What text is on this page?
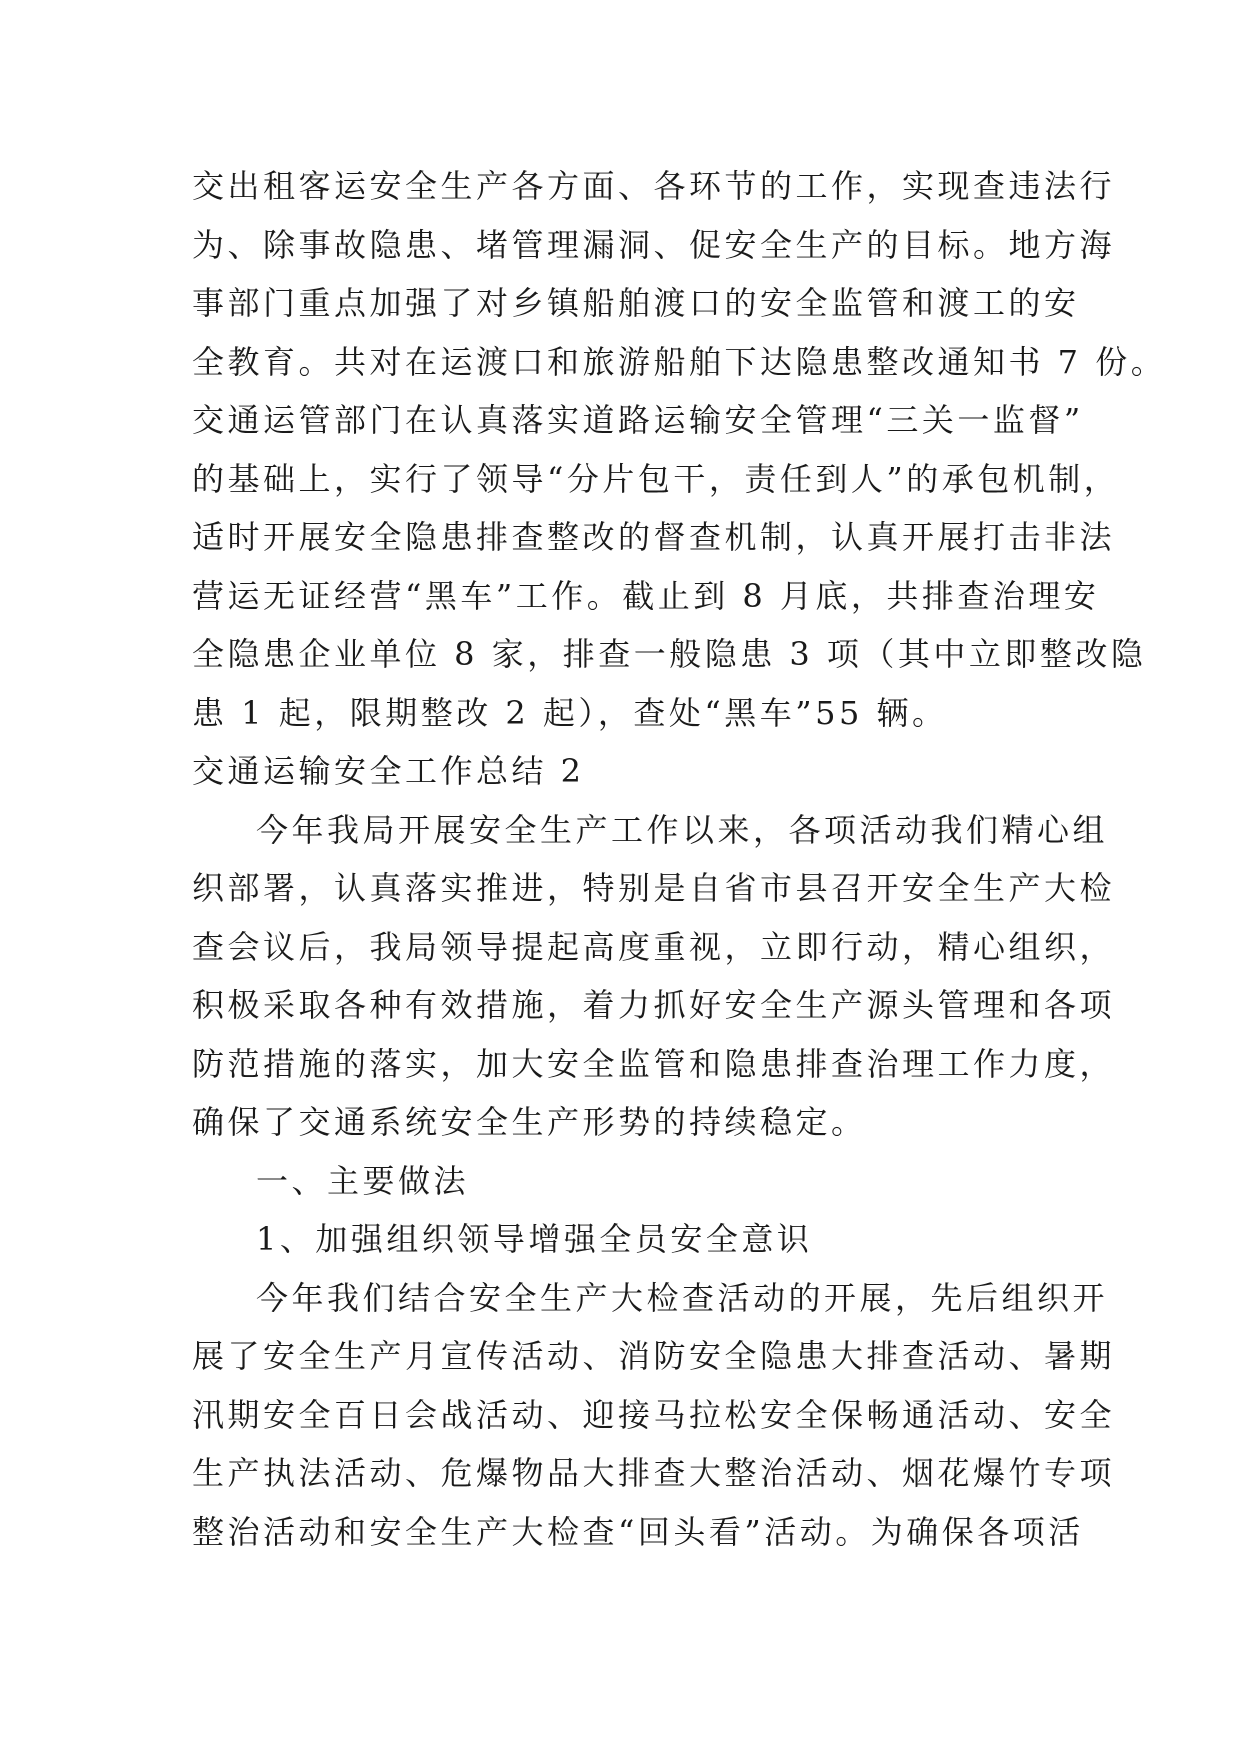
交出租客运安全生产各方面、各环节的工作，实现查违法行
为、除事故隐患、堵管理漏洞、促安全生产的目标。地方海
事部门重点加强了对乡镇船舶渡口的安全监管和渡工的安
全教育。共对在运渡口和旅游船舶下达隐患整改通知书 7 份。
交通运管部门在认真落实道路运输安全管理“三关一监督”
的基础上，实行了领导“分片包干，责任到人”的承包机制，
适时开展安全隐患排查整改的督查机制，认真开展打击非法
营运无证经营“黑车”工作。截止到 8 月底，共排查治理安
全隐患企业单位 8 家，排查一般隐患 3 项（其中立即整改隐
患 1 起，限期整改 2 起），查处“黑车”55 辆。
交通运输安全工作总结 2
今年我局开展安全生产工作以来，各项活动我们精心组
织部署，认真落实推进，特别是自省市县召开安全生产大检
查会议后，我局领导提起高度重视，立即行动，精心组织，
积极采取各种有效措施，着力抓好安全生产源头管理和各项
防范措施的落实，加大安全监管和隐患排查治理工作力度，
确保了交通系统安全生产形势的持续稳定。
一、主要做法
1、加强组织领导增强全员安全意识
今年我们结合安全生产大检查活动的开展，先后组织开
展了安全生产月宣传活动、消防安全隐患大排查活动、暑期
汛期安全百日会战活动、迎接马拉松安全保畅通活动、安全
生产执法活动、危爆物品大排查大整治活动、烟花爆竹专项
整治活动和安全生产大检查“回头看”活动。为确保各项活
